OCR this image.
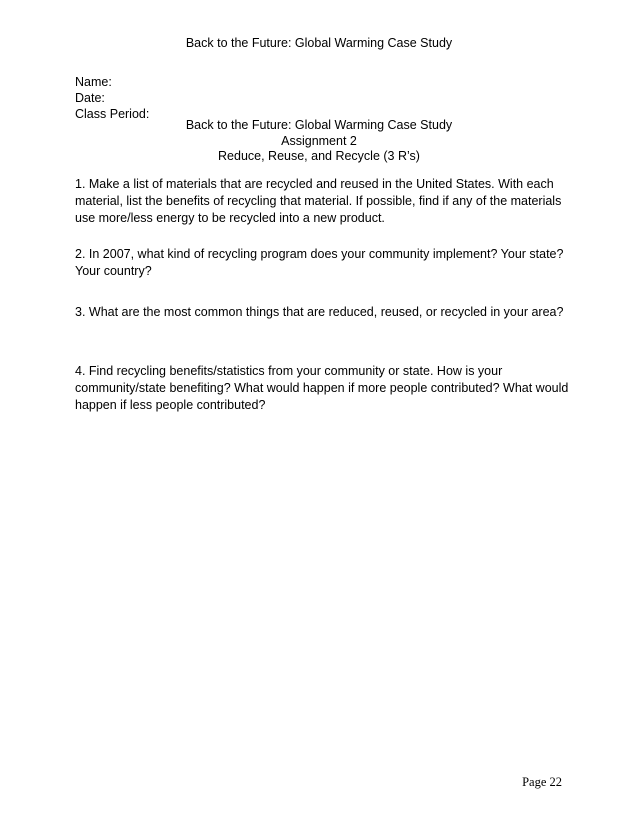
Back to the Future: Global Warming Case Study
Name:
Date:
Class Period:
Back to the Future: Global Warming Case Study
Assignment 2
Reduce, Reuse, and Recycle (3 R’s)
1. Make a list of materials that are recycled and reused in the United States. With each material, list the benefits of recycling that material. If possible, find if any of the materials use more/less energy to be recycled into a new product.
2. In 2007, what kind of recycling program does your community implement? Your state? Your country?
3. What are the most common things that are reduced, reused, or recycled in your area?
4. Find recycling benefits/statistics from your community or state. How is your community/state benefiting? What would happen if more people contributed? What would happen if less people contributed?
Page 22
